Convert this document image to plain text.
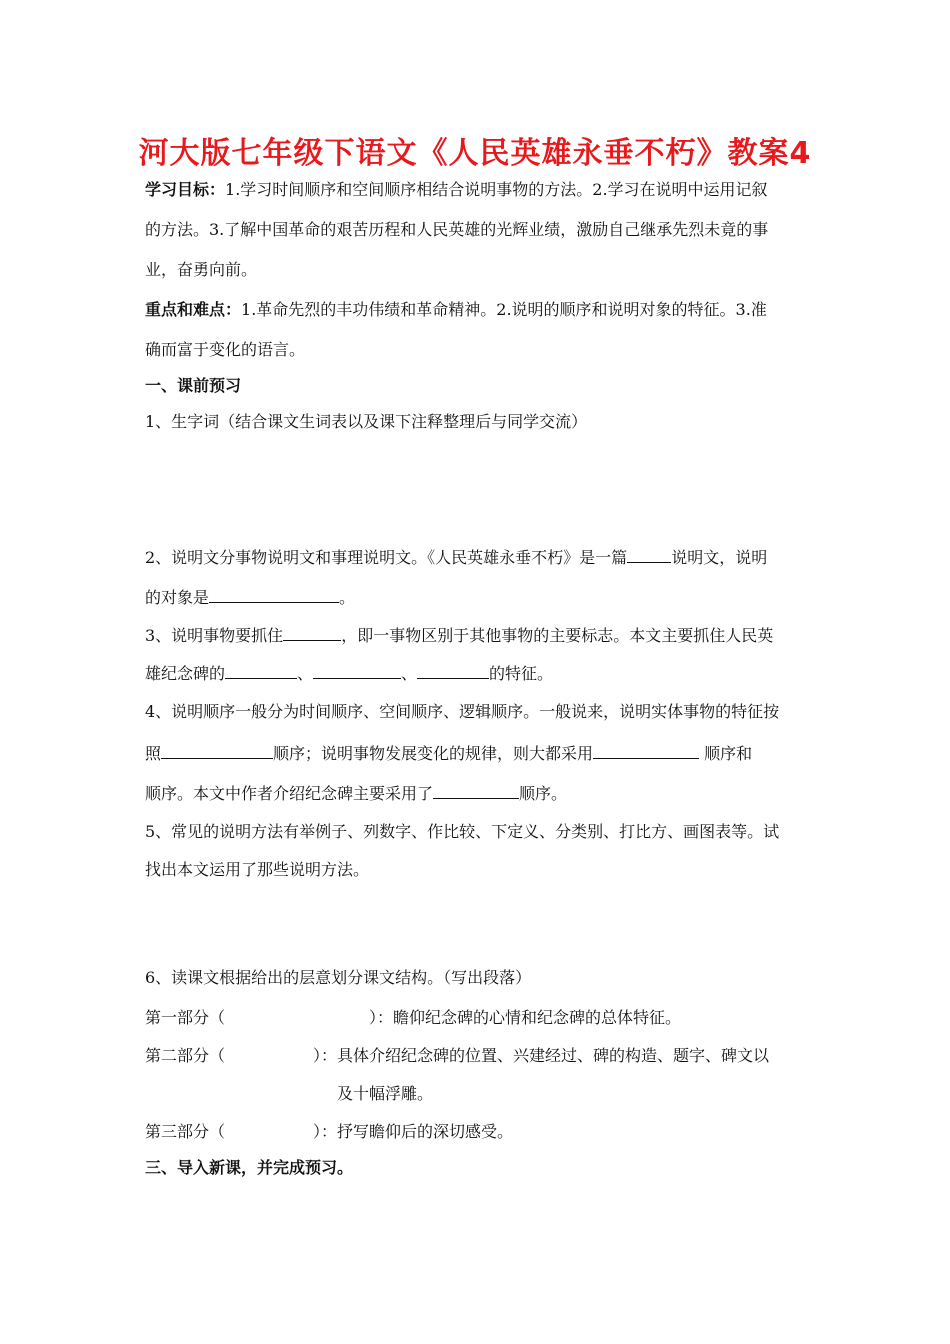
河大版七年级下语文《人民英雄永垂不朽》教案4
学习目标：1.学习时间顺序和空间顺序相结合说明事物的方法。2.学习在说明中运用记叙
的方法。3.了解中国革命的艰苦历程和人民英雄的光辉业绩，激励自己继承先烈未竟的事
业，奋勇向前。
重点和难点：1.革命先烈的丰功伟绩和革命精神。2.说明的顺序和说明对象的特征。3.准
确而富于变化的语言。
一、课前预习
1、生字词（结合课文生词表以及课下注释整理后与同学交流）
2、说明文分事物说明文和事理说明文。《人民英雄永垂不朽》是一篇	说明文，说明
的对象是	。
3、说明事物要抓住	，即一事物区别于其他事物的主要标志。本文主要抓住人民英
雄纪念碑的	、	、	的特征。
4、说明顺序一般分为时间顺序、空间顺序、逻辑顺序。一般说来，说明实体事物的特征按
照	顺序；说明事物发展变化的规律，则大都采用	顺序和
顺序。本文中作者介绍纪念碑主要采用了	顺序。
5、常见的说明方法有举例子、列数字、作比较、下定义、分类别、打比方、画图表等。试
找出本文运用了那些说明方法。
6、读课文根据给出的层意划分课文结构。（写出段落）
第一部分（	）：瞻仰纪念碑的心情和纪念碑的总体特征。
第二部分（	）：具体介绍纪念碑的位置、兴建经过、碑的构造、题字、碑文以
及十幅浮雕。
第三部分（	）：抒写瞻仰后的深切感受。
三、导入新课，并完成预习。
